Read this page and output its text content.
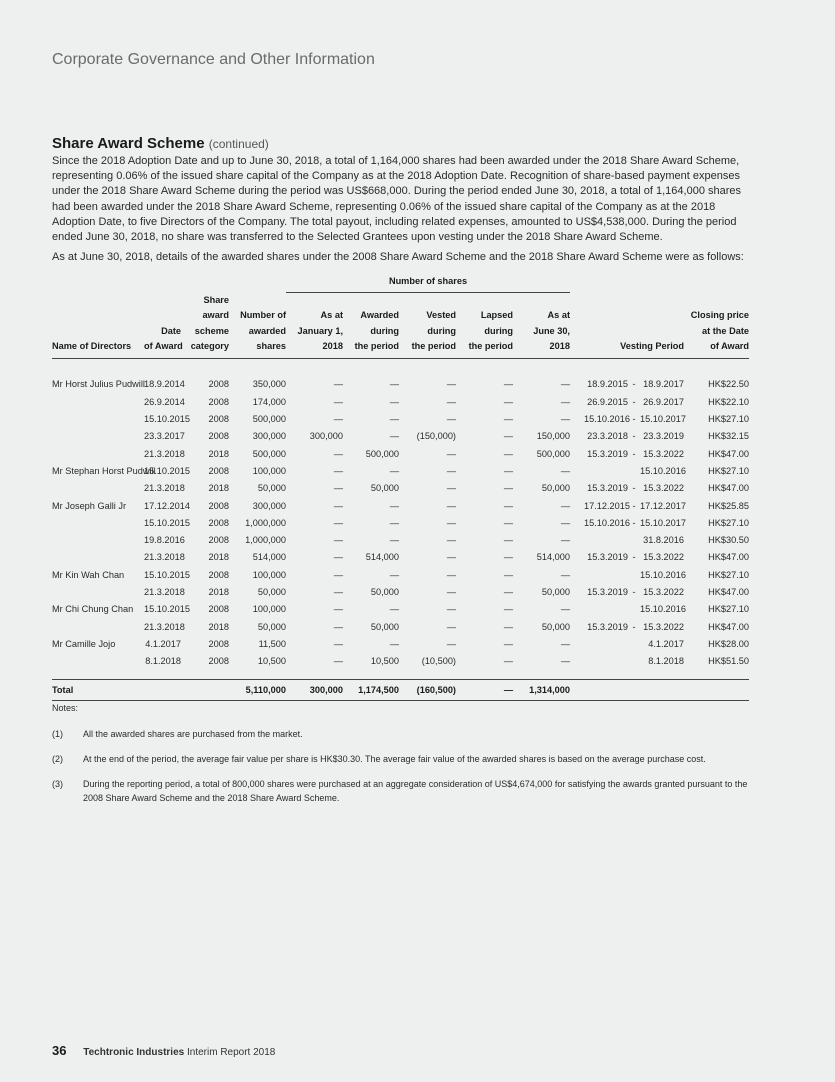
Corporate Governance and Other Information
Share Award Scheme (continued)

Since the 2018 Adoption Date and up to June 30, 2018, a total of 1,164,000 shares had been awarded under the 2018 Share Award Scheme, representing 0.06% of the issued share capital of the Company as at the 2018 Adoption Date. Recognition of share-based payment expenses under the 2018 Share Award Scheme during the period was US$668,000. During the period ended June 30, 2018, a total of 1,164,000 shares had been awarded under the 2018 Share Award Scheme, representing 0.06% of the issued share capital of the Company as at the 2018 Adoption Date, to five Directors of the Company. The total payout, including related expenses, amounted to US$4,538,000. During the period ended June 30, 2018, no share was transferred to the Selected Grantees upon vesting under the 2018 Share Award Scheme.

As at June 30, 2018, details of the awarded shares under the 2008 Share Award Scheme and the 2018 Share Award Scheme were as follows:

				Number of shares						
		Share								
		award	Number of	As at	Awarded	Vested	Lapsed	As at		Closing price
	Date	scheme	awarded	January 1,	during	during	during	June 30,		at the Date
Name of Directors	of Award	category	shares	2018	the period	the period	the period	2018	Vesting Period	of Award

Mr Horst Julius Pudwill	18.9.2014	2008	350,000	—	—	—	—	—	18.9.2015 - 18.9.2017	HK$22.50
	26.9.2014	2008	174,000	—	—	—	—	—	26.9.2015 - 26.9.2017	HK$22.10
	15.10.2015	2008	500,000	—	—	—	—	—	15.10.2016 - 15.10.2017	HK$27.10
	23.3.2017	2008	300,000	300,000	—	(150,000)	—	150,000	23.3.2018 - 23.3.2019	HK$32.15
	21.3.2018	2018	500,000	—	500,000	—	—	500,000	15.3.2019 - 15.3.2022	HK$47.00
Mr Stephan Horst Pudwill	15.10.2015	2008	100,000	—	—	—	—	—	15.10.2016	HK$27.10
	21.3.2018	2018	50,000	—	50,000	—	—	50,000	15.3.2019 - 15.3.2022	HK$47.00
Mr Joseph Galli Jr	17.12.2014	2008	300,000	—	—	—	—	—	17.12.2015 - 17.12.2017	HK$25.85
	15.10.2015	2008	1,000,000	—	—	—	—	—	15.10.2016 - 15.10.2017	HK$27.10
	19.8.2016	2008	1,000,000	—	—	—	—	—	31.8.2016	HK$30.50
	21.3.2018	2018	514,000	—	514,000	—	—	514,000	15.3.2019 - 15.3.2022	HK$47.00
Mr Kin Wah Chan	15.10.2015	2008	100,000	—	—	—	—	—	15.10.2016	HK$27.10
	21.3.2018	2018	50,000	—	50,000	—	—	50,000	15.3.2019 - 15.3.2022	HK$47.00
Mr Chi Chung Chan	15.10.2015	2008	100,000	—	—	—	—	—	15.10.2016	HK$27.10
	21.3.2018	2018	50,000	—	50,000	—	—	50,000	15.3.2019 - 15.3.2022	HK$47.00
Mr Camille Jojo	4.1.2017	2008	11,500	—	—	—	—	—	4.1.2017	HK$28.00
	8.1.2018	2008	10,500	—	10,500	(10,500)	—	—	8.1.2018	HK$51.50

Total			5,110,000	300,000	1,174,500	(160,500)	—	1,314,000		
Notes:
(1)	All the awarded shares are purchased from the market.
(2)	At the end of the period, the average fair value per share is HK$30.30. The average fair value of the awarded shares is based on the average purchase cost.
(3)	During the reporting period, a total of 800,000 shares were purchased at an aggregate consideration of US$4,674,000 for satisfying the awards granted pursuant to the 2008 Share Award Scheme and the 2018 Share Award Scheme.
36 Techtronic Industries Interim Report 2018
